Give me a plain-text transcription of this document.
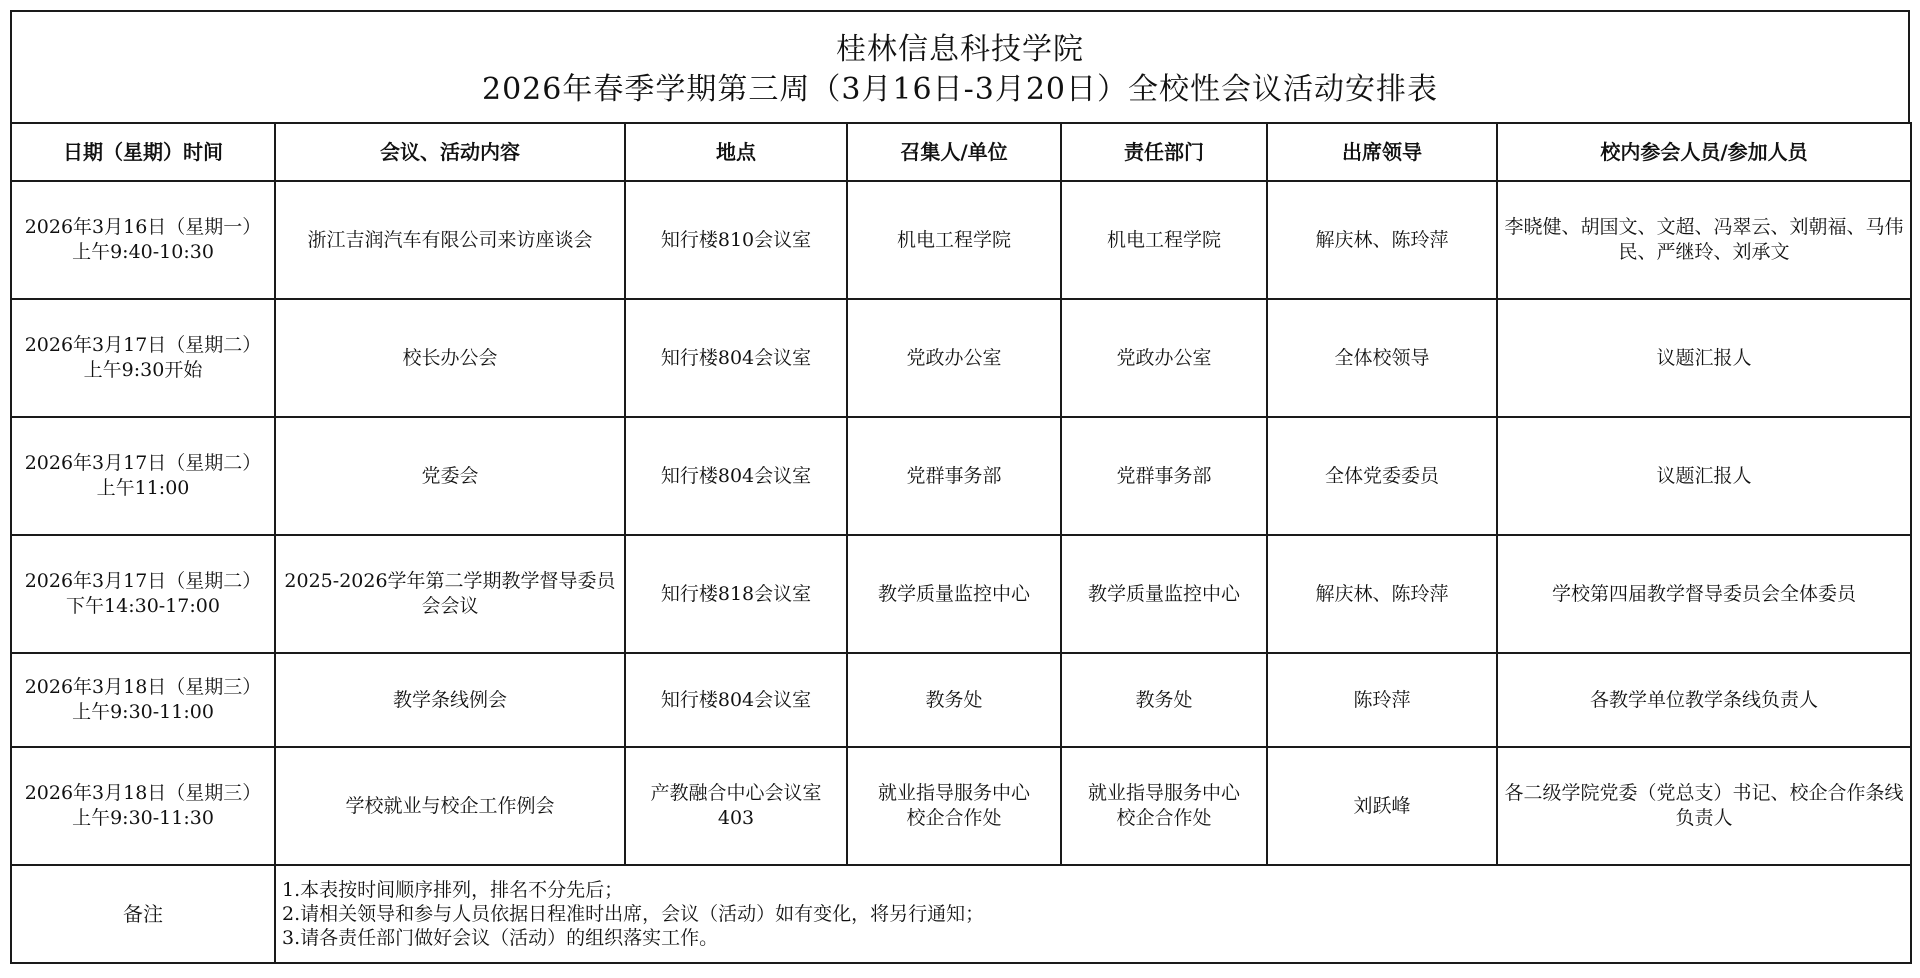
桂林信息科技学院
2026年春季学期第三周（3月16日-3月20日）全校性会议活动安排表
日期（星期）时间	会议、活动内容	地点	召集人/单位	责任部门	出席领导	校内参会人员/参加人员

2026年3月16日（星期一）
上午9:40-10:30	浙江吉润汽车有限公司来访座谈会	知行楼810会议室	机电工程学院	机电工程学院	解庆林、陈玲萍	李晓健、胡国文、文超、冯翠云、刘朝福、马伟民、严继玲、刘承文

2026年3月17日（星期二）
上午9:30开始	校长办公会	知行楼804会议室	党政办公室	党政办公室	全体校领导	议题汇报人

2026年3月17日（星期二）
上午11:00	党委会	知行楼804会议室	党群事务部	党群事务部	全体党委委员	议题汇报人

2026年3月17日（星期二）
下午14:30-17:00	2025-2026学年第二学期教学督导委员会会议	知行楼818会议室	教学质量监控中心	教学质量监控中心	解庆林、陈玲萍	学校第四届教学督导委员会全体委员

2026年3月18日（星期三）
上午9:30-11:00	教学条线例会	知行楼804会议室	教务处	教务处	陈玲萍	各教学单位教学条线负责人

2026年3月18日（星期三）
上午9:30-11:30	学校就业与校企工作例会	产教融合中心会议室
403	就业指导服务中心
校企合作处	就业指导服务中心
校企合作处	刘跃峰	各二级学院党委（党总支）书记、校企合作条线负责人
备注	1.本表按时间顺序排列，排名不分先后；
2.请相关领导和参与人员依据日程准时出席，会议（活动）如有变化，将另行通知；
3.请各责任部门做好会议（活动）的组织落实工作。					
